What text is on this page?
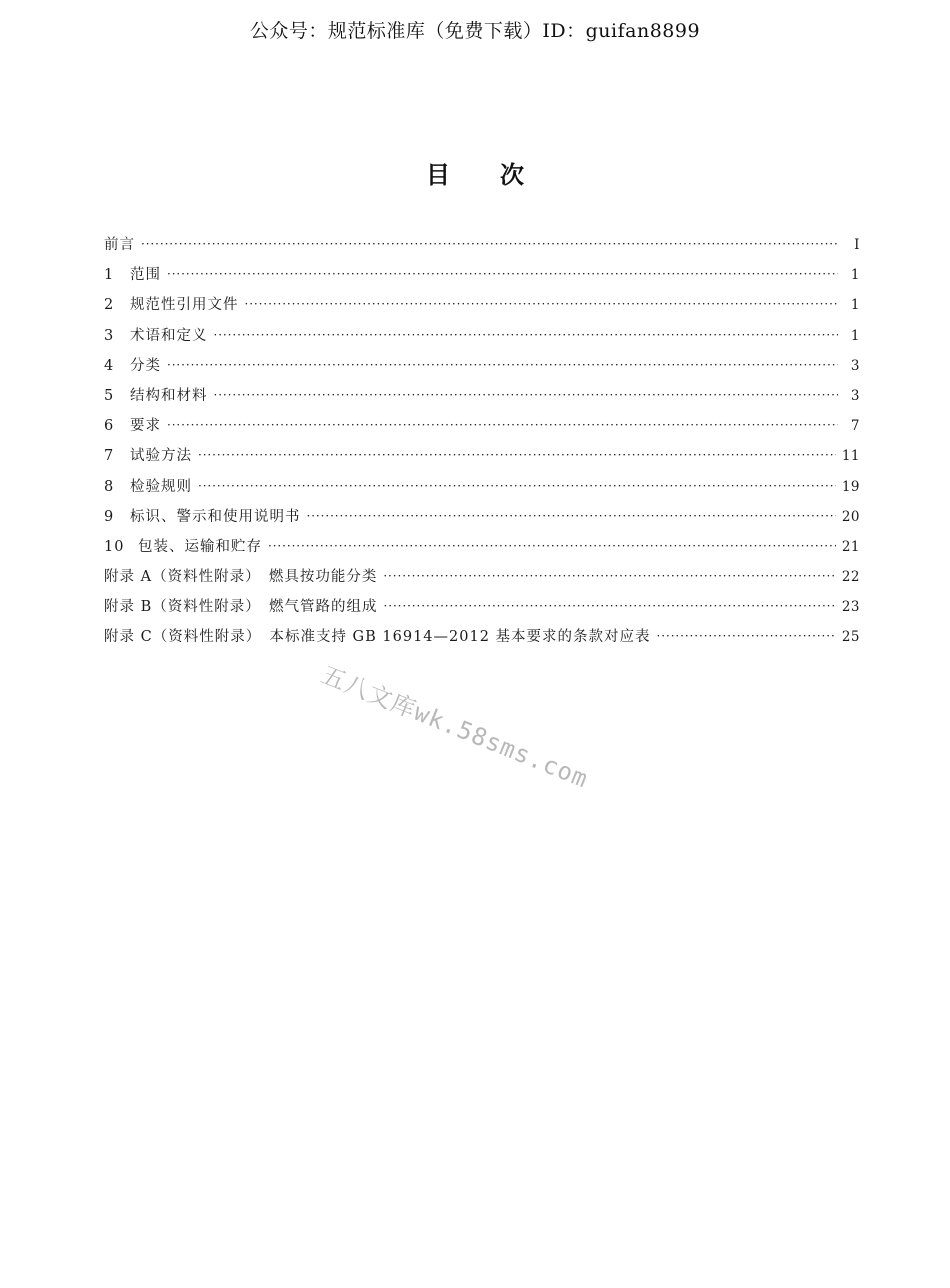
公众号：规范标准库（免费下载）ID：guifan8899
目 次
前言 ·····	Ⅰ
1	范围 ·····	1
2	规范性引用文件 ·····	1
3	术语和定义 ·····	1
4	分类 ·····	3
5	结构和材料 ·····	3
6	要求 ·····	7
7	试验方法 ·····	11
8	检验规则 ·····	19
9	标识、警示和使用说明书 ·····	20
10 包装、运输和贮存 ·····	21
附录 A（资料性附录）　燃具按功能分类 ·····	22
附录 B（资料性附录）　燃气管路的组成 ·····	23
附录 C（资料性附录）　本标准支持 GB 16914—2012 基本要求的条款对应表 ·····	25
五八文库wk.58sms.com
